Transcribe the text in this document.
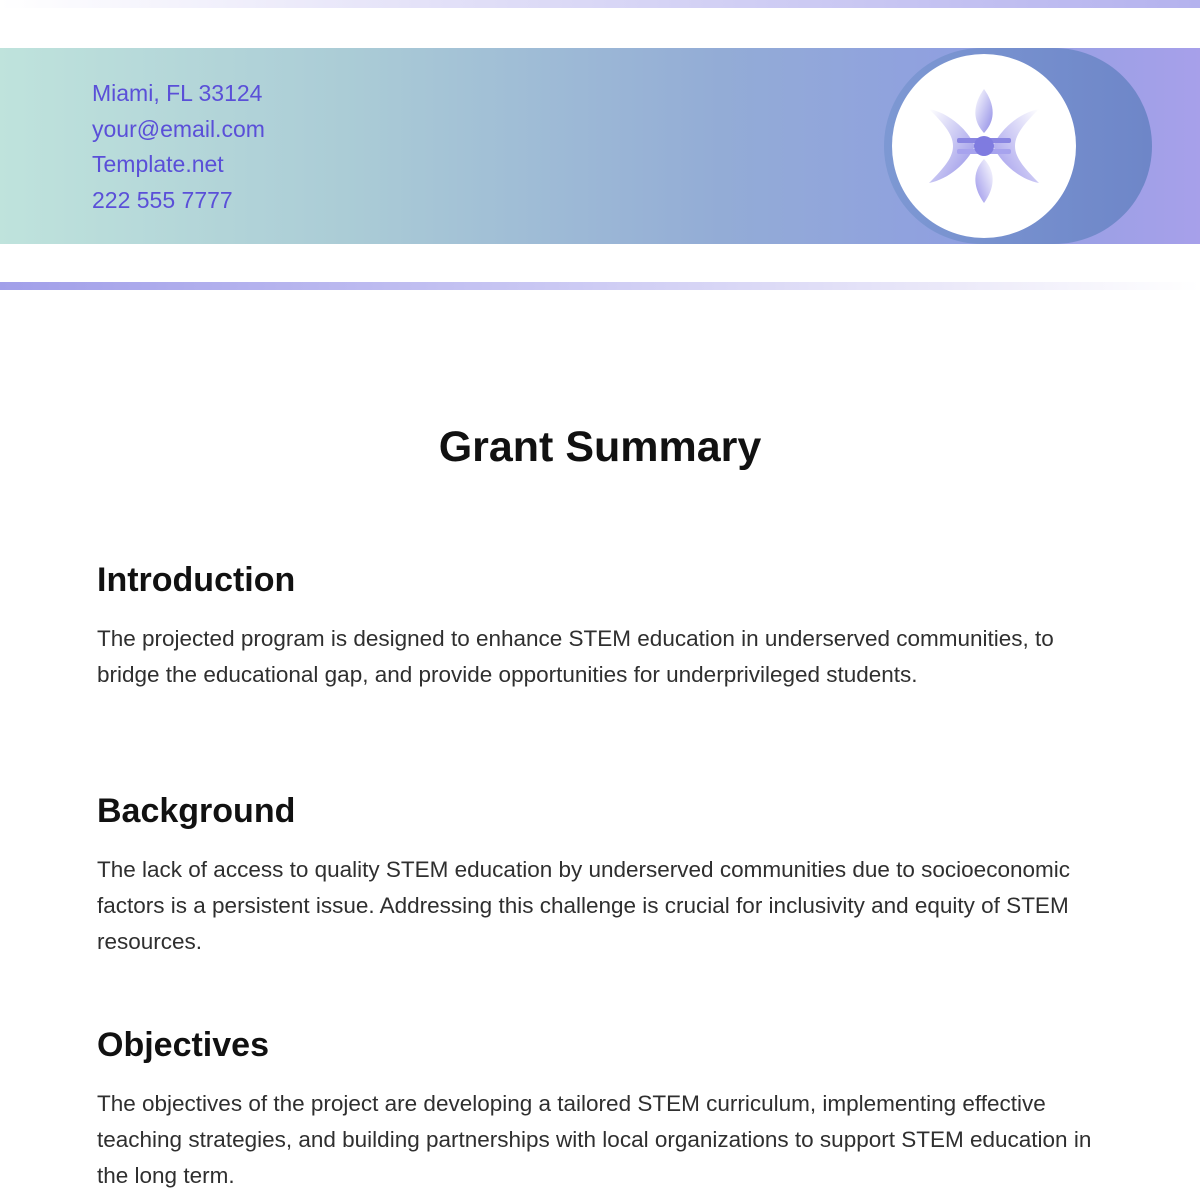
Miami, FL 33124
your@email.com
Template.net
222 555 7777
Grant Summary
Introduction

The projected program is designed to enhance STEM education in underserved communities, to bridge the educational gap, and provide opportunities for underprivileged students.

Background

The lack of access to quality STEM education by underserved communities due to socioeconomic factors is a persistent issue. Addressing this challenge is crucial for inclusivity and equity of STEM resources.

Objectives

The objectives of the project are developing a tailored STEM curriculum, implementing effective teaching strategies, and building partnerships with local organizations to support STEM education in the long term.
